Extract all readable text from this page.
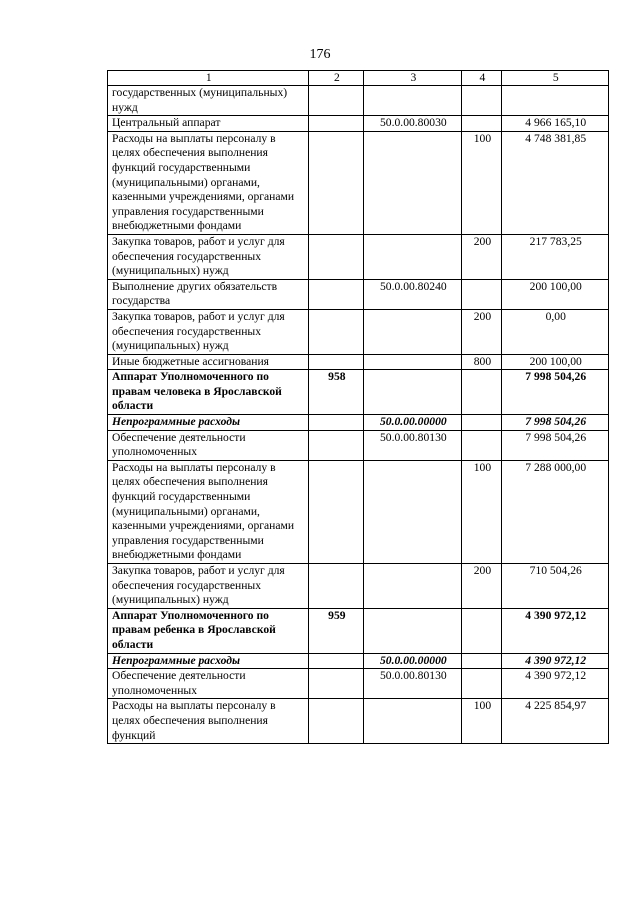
176
1	2	3	4	5
государственных (муниципальных) нужд				
Центральный аппарат		50.0.00.80030		4 966 165,10
Расходы на выплаты персоналу в целях обеспечения выполнения функций государственными (муниципальными) органами, казенными учреждениями, органами управления государственными внебюджетными фондами			100	4 748 381,85
Закупка товаров, работ и услуг для обеспечения государственных (муниципальных) нужд			200	217 783,25
Выполнение других обязательств государства		50.0.00.80240		200 100,00
Закупка товаров, работ и услуг для обеспечения государственных (муниципальных) нужд			200	0,00
Иные бюджетные ассигнования			800	200 100,00
Аппарат Уполномоченного по правам человека в Ярославской области	958			7 998 504,26
Непрограммные расходы		50.0.00.00000		7 998 504,26
Обеспечение деятельности уполномоченных		50.0.00.80130		7 998 504,26
Расходы на выплаты персоналу в целях обеспечения выполнения функций государственными (муниципальными) органами, казенными учреждениями, органами управления государственными внебюджетными фондами			100	7 288 000,00
Закупка товаров, работ и услуг для обеспечения государственных (муниципальных) нужд			200	710 504,26
Аппарат Уполномоченного по правам ребенка в Ярославской области	959			4 390 972,12
Непрограммные расходы		50.0.00.00000		4 390 972,12
Обеспечение деятельности уполномоченных		50.0.00.80130		4 390 972,12
Расходы на выплаты персоналу в целях обеспечения выполнения функций			100	4 225 854,97
